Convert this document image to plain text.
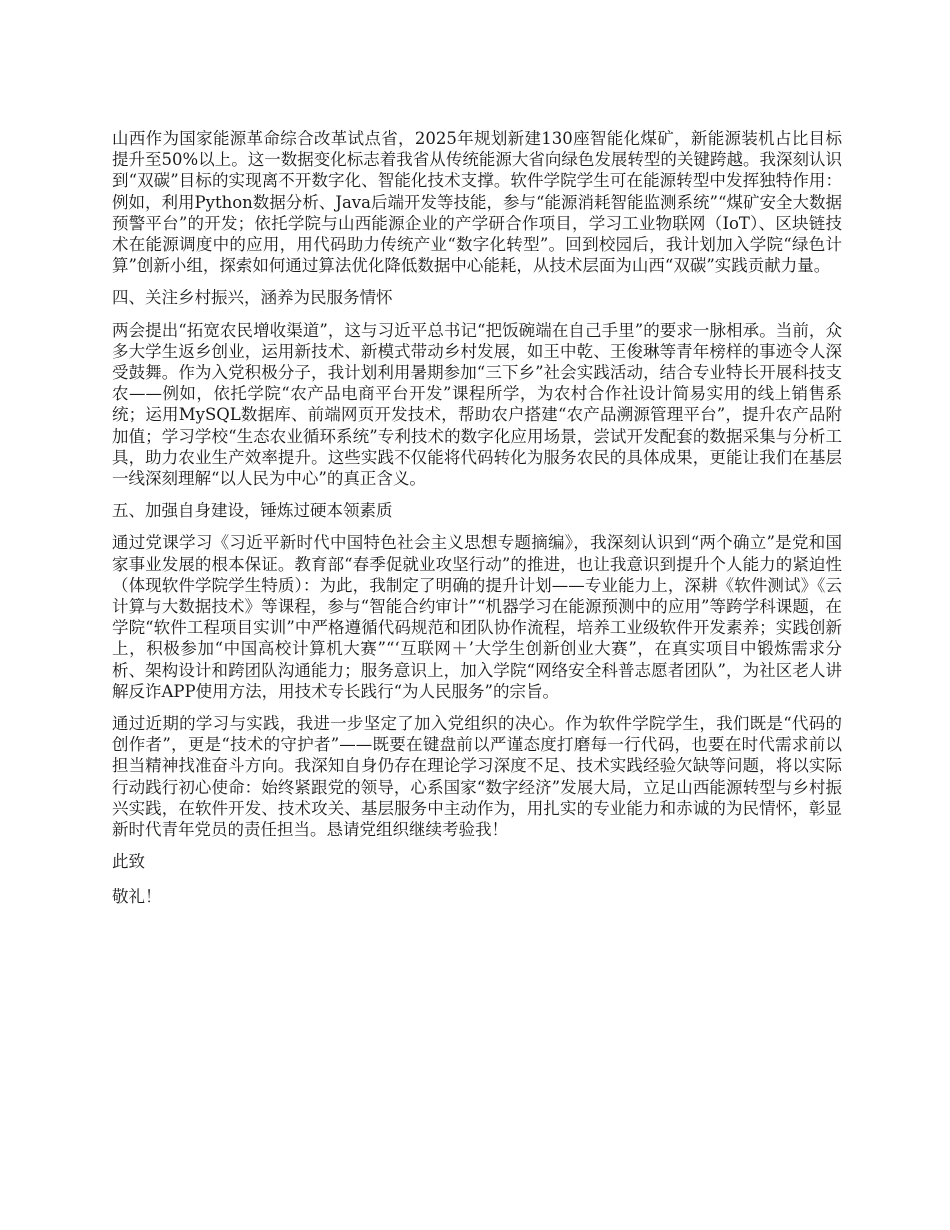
山西作为国家能源革命综合改革试点省，2025年规划新建130座智能化煤矿，新能源装机占比目标提升至50%以上。这一数据变化标志着我省从传统能源大省向绿色发展转型的关键跨越。我深刻认识到“双碳”目标的实现离不开数字化、智能化技术支撑。软件学院学生可在能源转型中发挥独特作用：例如，利用Python数据分析、Java后端开发等技能，参与“能源消耗智能监测系统”“煤矿安全大数据预警平台”的开发；依托学院与山西能源企业的产学研合作项目，学习工业物联网（IoT）、区块链技术在能源调度中的应用，用代码助力传统产业“数字化转型”。回到校园后，我计划加入学院“绿色计算”创新小组，探索如何通过算法优化降低数据中心能耗，从技术层面为山西“双碳”实践贡献力量。

四、关注乡村振兴，涵养为民服务情怀

两会提出“拓宽农民增收渠道”，这与习近平总书记“把饭碗端在自己手里”的要求一脉相承。当前，众多大学生返乡创业，运用新技术、新模式带动乡村发展，如王中乾、王俊琳等青年榜样的事迹令人深受鼓舞。作为入党积极分子，我计划利用暑期参加“三下乡”社会实践活动，结合专业特长开展科技支农——例如，依托学院“农产品电商平台开发”课程所学，为农村合作社设计简易实用的线上销售系统；运用MySQL数据库、前端网页开发技术，帮助农户搭建“农产品溯源管理平台”，提升农产品附加值；学习学校“生态农业循环系统”专利技术的数字化应用场景，尝试开发配套的数据采集与分析工具，助力农业生产效率提升。这些实践不仅能将代码转化为服务农民的具体成果，更能让我们在基层一线深刻理解“以人民为中心”的真正含义。

五、加强自身建设，锤炼过硬本领素质

通过党课学习《习近平新时代中国特色社会主义思想专题摘编》，我深刻认识到“两个确立”是党和国家事业发展的根本保证。教育部“春季促就业攻坚行动”的推进，也让我意识到提升个人能力的紧迫性（体现软件学院学生特质）：为此，我制定了明确的提升计划——专业能力上，深耕《软件测试》《云计算与大数据技术》等课程，参与“智能合约审计”“机器学习在能源预测中的应用”等跨学科课题，在学院“软件工程项目实训”中严格遵循代码规范和团队协作流程，培养工业级软件开发素养；实践创新上，积极参加“中国高校计算机大赛”“‘互联网＋’大学生创新创业大赛”，在真实项目中锻炼需求分析、架构设计和跨团队沟通能力；服务意识上，加入学院“网络安全科普志愿者团队”，为社区老人讲解反诈APP使用方法，用技术专长践行“为人民服务”的宗旨。

通过近期的学习与实践，我进一步坚定了加入党组织的决心。作为软件学院学生，我们既是“代码的创作者”，更是“技术的守护者”——既要在键盘前以严谨态度打磨每一行代码，也要在时代需求前以担当精神找准奋斗方向。我深知自身仍存在理论学习深度不足、技术实践经验欠缺等问题，将以实际行动践行初心使命：始终紧跟党的领导，心系国家“数字经济”发展大局，立足山西能源转型与乡村振兴实践，在软件开发、技术攻关、基层服务中主动作为，用扎实的专业能力和赤诚的为民情怀，彰显新时代青年党员的责任担当。恳请党组织继续考验我！

此致

敬礼！
